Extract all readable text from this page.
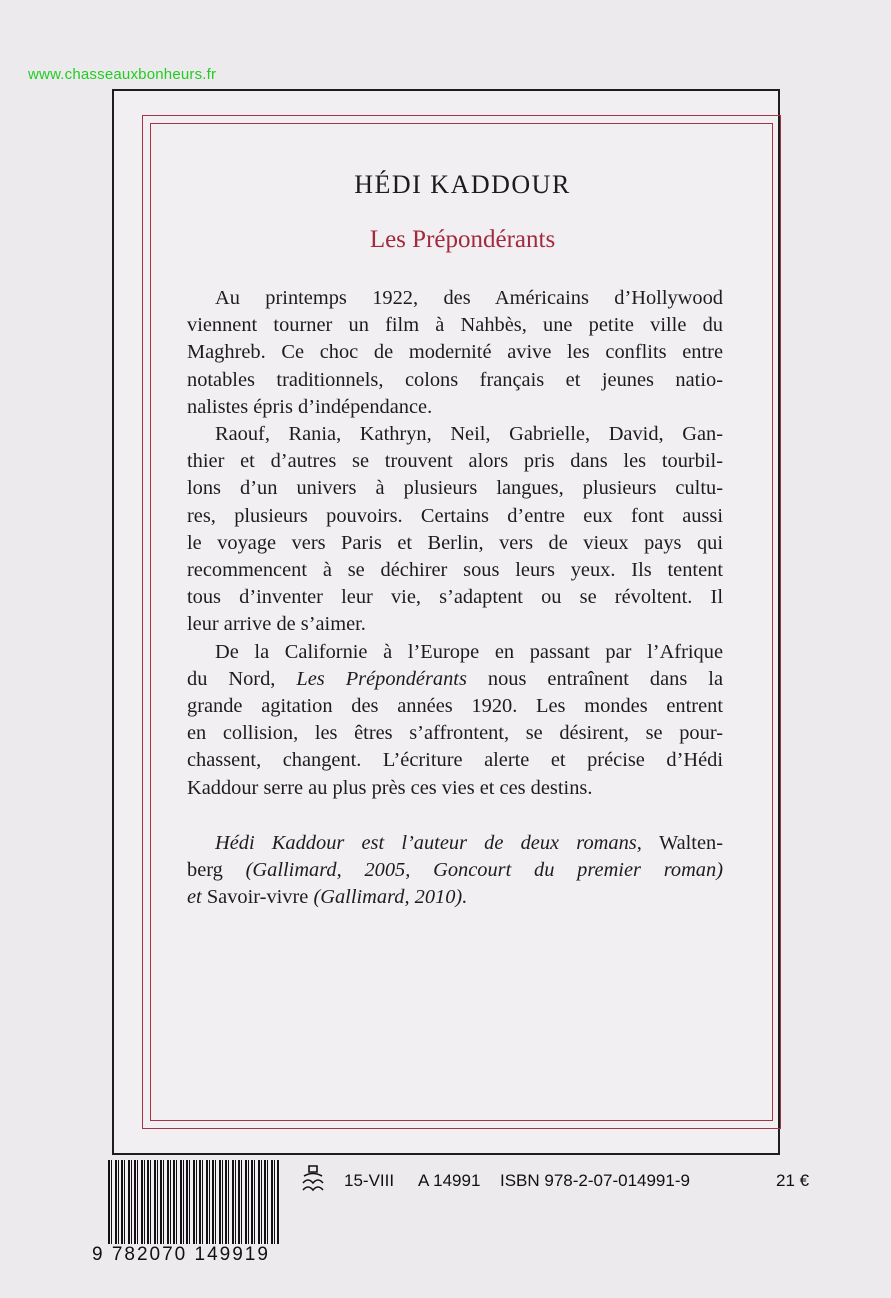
www.chasseauxbonheurs.fr
HÉDI KADDOUR
Les Prépondérants

Au printemps 1922, des Américains d’Hollywood
viennent tourner un film à Nahbès, une petite ville du
Maghreb. Ce choc de modernité avive les conflits entre
notables traditionnels, colons français et jeunes natio-
nalistes épris d’indépendance.

Raouf, Rania, Kathryn, Neil, Gabrielle, David, Gan-
thier et d’autres se trouvent alors pris dans les tourbil-
lons d’un univers à plusieurs langues, plusieurs cultu-
res, plusieurs pouvoirs. Certains d’entre eux font aussi
le voyage vers Paris et Berlin, vers de vieux pays qui
recommencent à se déchirer sous leurs yeux. Ils tentent
tous d’inventer leur vie, s’adaptent ou se révoltent. Il
leur arrive de s’aimer.

De la Californie à l’Europe en passant par l’Afrique
du Nord, Les Prépondérants nous entraînent dans la
grande agitation des années 1920. Les mondes entrent
en collision, les êtres s’affrontent, se désirent, se pour-
chassent, changent. L’écriture alerte et précise d’Hédi
Kaddour serre au plus près ces vies et ces destins.

Hédi Kaddour est l’auteur de deux romans, Walten-
berg (Gallimard, 2005, Goncourt du premier roman)
et Savoir-vivre (Gallimard, 2010).

9 782070 149919
15-VIII A 14991 ISBN 978-2-07-014991-9	21 €
